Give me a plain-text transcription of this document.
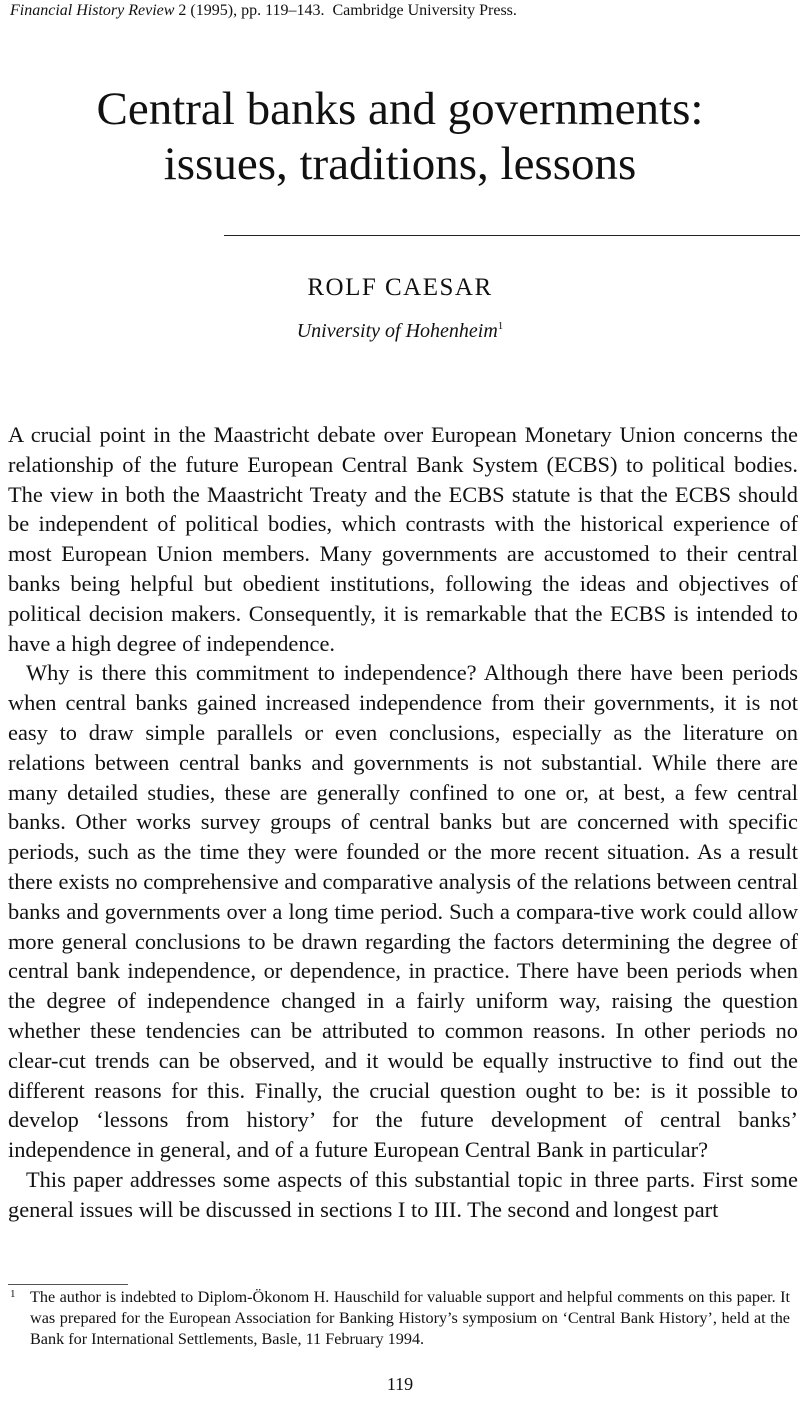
Financial History Review 2 (1995), pp. 119–143. Cambridge University Press.
Central banks and governments:
issues, traditions, lessons
ROLF CAESAR
University of Hohenheim$^1$

A crucial point in the Maastricht debate over European Monetary Union concerns the relationship of the future European Central Bank System (ECBS) to political bodies. The view in both the Maastricht Treaty and the ECBS statute is that the ECBS should be independent of political bodies, which contrasts with the historical experience of most European Union members. Many governments are accustomed to their central banks being helpful but obedient institutions, following the ideas and objectives of political decision makers. Consequently, it is remarkable that the ECBS is intended to have a high degree of independence.

Why is there this commitment to independence? Although there have been periods when central banks gained increased independence from their governments, it is not easy to draw simple parallels or even conclusions, especially as the literature on relations between central banks and governments is not substantial. While there are many detailed studies, these are generally confined to one or, at best, a few central banks. Other works survey groups of central banks but are concerned with specific periods, such as the time they were founded or the more recent situation. As a result there exists no comprehensive and comparative analysis of the relations between central banks and governments over a long time period. Such a compara-tive work could allow more general conclusions to be drawn regarding the factors determining the degree of central bank independence, or dependence, in practice. There have been periods when the degree of independence changed in a fairly uniform way, raising the question whether these tendencies can be attributed to common reasons. In other periods no clear-cut trends can be observed, and it would be equally instructive to find out the different reasons for this. Finally, the crucial question ought to be: is it possible to develop ‘lessons from history’ for the future development of central banks’ independence in general, and of a future European Central Bank in particular?

This paper addresses some aspects of this substantial topic in three parts. First some general issues will be discussed in sections I to III. The second and longest part

1 The author is indebted to Diplom-Ökonom H. Hauschild for valuable support and helpful comments on this paper. It was prepared for the European Association for Banking History’s symposium on ‘Central Bank History’, held at the Bank for International Settlements, Basle, 11 February 1994.
119
